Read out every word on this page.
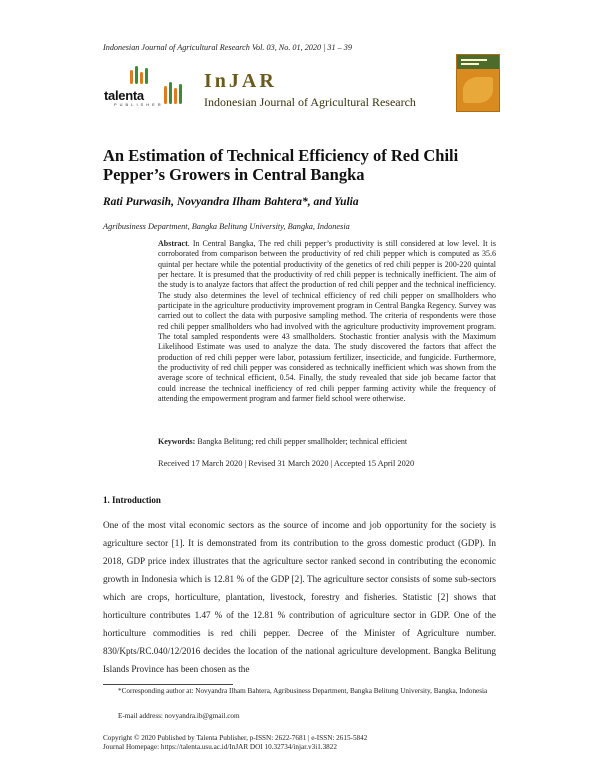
Indonesian Journal of Agricultural Research Vol. 03, No. 01, 2020 | 31 – 39
talenta
PUBLISHER
InJAR
Indonesian Journal of Agricultural Research
An Estimation of Technical Efficiency of Red Chili Pepper’s Growers in Central Bangka
Rati Purwasih, Novyandra Ilham Bahtera*, and Yulia
Agribusiness Department, Bangka Belitung University, Bangka, Indonesia
Abstract. In Central Bangka, The red chili pepper’s productivity is still considered at low level. It is corroborated from comparison between the productivity of red chili pepper which is computed as 35.6 quintal per hectare while the potential productivity of the genetics of red chili pepper is 200-220 quintal per hectare. It is presumed that the productivity of red chili pepper is technically inefficient. The aim of the study is to analyze factors that affect the production of red chili pepper and the technical inefficiency. The study also determines the level of technical efficiency of red chili pepper on smallholders who participate in the agriculture productivity improvement program in Central Bangka Regency. Survey was carried out to collect the data with purposive sampling method. The criteria of respondents were those red chili pepper smallholders who had involved with the agriculture productivity improvement program. The total sampled respondents were 43 smallholders. Stochastic frontier analysis with the Maximum Likelihood Estimate was used to analyze the data. The study discovered the factors that affect the production of red chili pepper were labor, potassium fertilizer, insecticide, and fungicide. Furthermore, the productivity of red chili pepper was considered as technically inefficient which was shown from the average score of technical efficient, 0.54. Finally, the study revealed that side job became factor that could increase the technical inefficiency of red chili pepper farming activity while the frequency of attending the empowerment program and farmer field school were otherwise.
Keywords: Bangka Belitung; red chili pepper smallholder; technical efficient
Received 17 March 2020 | Revised 31 March 2020 | Accepted 15 April 2020
1. Introduction
One of the most vital economic sectors as the source of income and job opportunity for the society is agriculture sector [1]. It is demonstrated from its contribution to the gross domestic product (GDP). In 2018, GDP price index illustrates that the agriculture sector ranked second in contributing the economic growth in Indonesia which is 12.81 % of the GDP [2]. The agriculture sector consists of some sub-sectors which are crops, horticulture, plantation, livestock, forestry and fisheries. Statistic [2] shows that horticulture contributes 1.47 % of the 12.81 % contribution of agriculture sector in GDP. One of the horticulture commodities is red chili pepper. Decree of the Minister of Agriculture number. 830/Kpts/RC.040/12/2016 decides the location of the national agriculture development. Bangka Belitung Islands Province has been chosen as the
*Corresponding author at: Novyandra Ilham Bahtera, Agribusiness Department, Bangka Belitung University, Bangka, Indonesia
E-mail address: novyandra.ib@gmail.com
Copyright © 2020 Published by Talenta Publisher, p-ISSN: 2622-7681 | e-ISSN: 2615-5842
Journal Homepage: https://talenta.usu.ac.id/InJAR DOI 10.32734/injar.v3i1.3822
